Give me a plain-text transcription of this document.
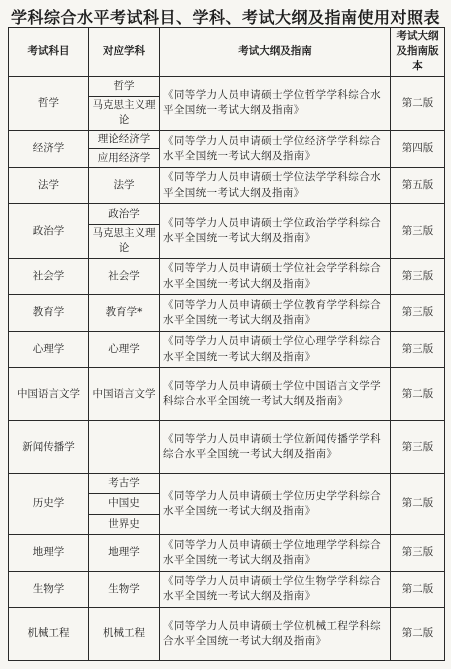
学科综合水平考试科目、学科、考试大纲及指南使用对照表
考试科目	对应学科	考试大纲及指南	考试大纲及指南版本
哲学	哲学	《同等学力人员申请硕士学位哲学学科综合水平全国统一考试大纲及指南》	第二版
	马克思主义理论		
经济学	理论经济学	《同等学力人员申请硕士学位经济学学科综合水平全国统一考试大纲及指南》	第四版
	应用经济学		
法学	法学	《同等学力人员申请硕士学位法学学科综合水平全国统一考试大纲及指南》	第五版
政治学	政治学	《同等学力人员申请硕士学位政治学学科综合水平全国统一考试大纲及指南》	第三版
	马克思主义理论		
社会学	社会学	《同等学力人员申请硕士学位社会学学科综合水平全国统一考试大纲及指南》	第三版
教育学	教育学*	《同等学力人员申请硕士学位教育学学科综合水平全国统一考试大纲及指南》	第三版
心理学	心理学	《同等学力人员申请硕士学位心理学学科综合水平全国统一考试大纲及指南》	第三版
中国语言文学	中国语言文学	《同等学力人员申请硕士学位中国语言文学学科综合水平全国统一考试大纲及指南》	第二版
新闻传播学		《同等学力人员申请硕士学位新闻传播学学科综合水平全国统一考试大纲及指南》	第三版
历史学	考古学	《同等学力人员申请硕士学位历史学学科综合水平全国统一考试大纲及指南》	第二版
	中国史		
	世界史		
地理学	地理学	《同等学力人员申请硕士学位地理学学科综合水平全国统一考试大纲及指南》	第三版
生物学	生物学	《同等学力人员申请硕士学位生物学学科综合水平全国统一考试大纲及指南》	第二版
机械工程	机械工程	《同等学力人员申请硕士学位机械工程学科综合水平全国统一考试大纲及指南》	第二版
